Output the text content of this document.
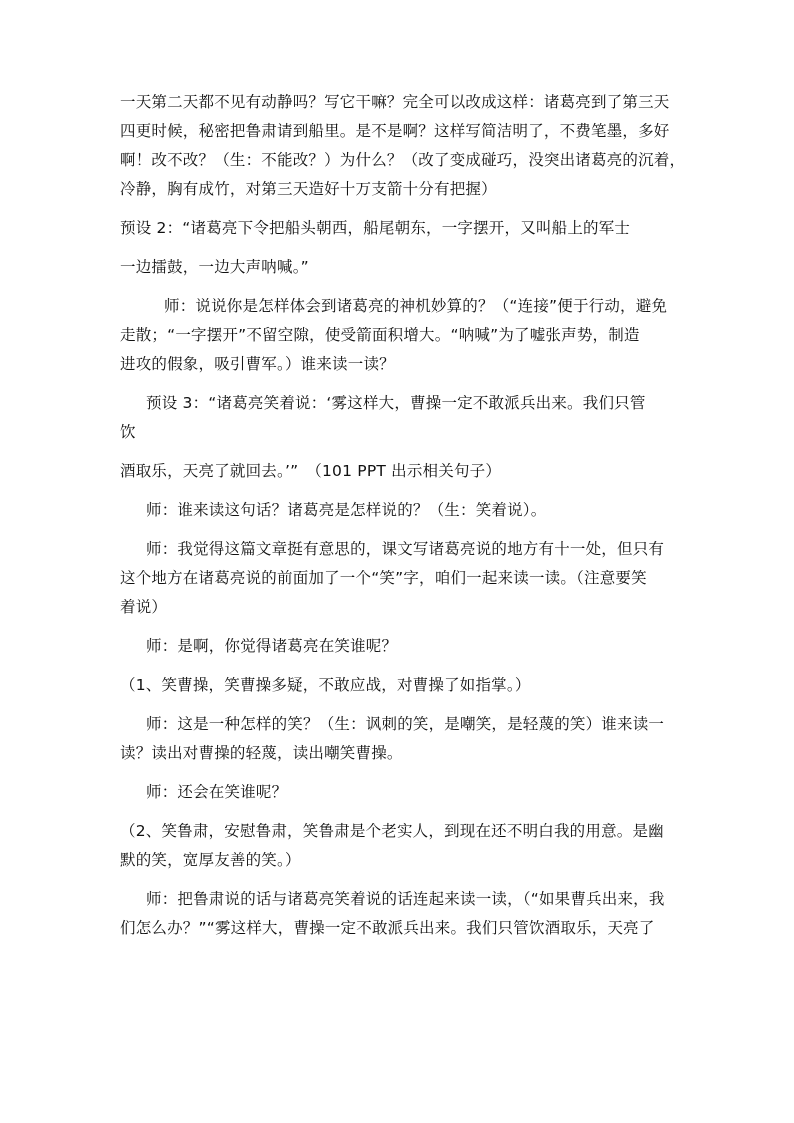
一天第二天都不见有动静吗？写它干嘛？完全可以改成这样：诸葛亮到了第三天
四更时候，秘密把鲁肃请到船里。是不是啊？这样写简洁明了，不费笔墨，多好
啊！改不改？（生：不能改？）为什么？（改了变成碰巧，没突出诸葛亮的沉着，
冷静，胸有成竹，对第三天造好十万支箭十分有把握）

预设 2：“诸葛亮下令把船头朝西，船尾朝东，一字摆开，又叫船上的军士

一边擂鼓，一边大声呐喊。”

师：说说你是怎样体会到诸葛亮的神机妙算的？（“连接”便于行动，避免
走散；“一字摆开”不留空隙，使受箭面积增大。“呐喊”为了嘘张声势，制造
进攻的假象，吸引曹军。）谁来读一读？

预设 3：“诸葛亮笑着说：‘雾这样大，曹操一定不敢派兵出来。我们只管
饮

酒取乐，天亮了就回去。’”　（101 PPT 出示相关句子）

师：谁来读这句话？诸葛亮是怎样说的？（生：笑着说）。

师：我觉得这篇文章挺有意思的，课文写诸葛亮说的地方有十一处，但只有
这个地方在诸葛亮说的前面加了一个“笑”字，咱们一起来读一读。（注意要笑
着说）

师：是啊，你觉得诸葛亮在笑谁呢？

（1、笑曹操，笑曹操多疑，不敢应战，对曹操了如指掌。）

师：这是一种怎样的笑？（生：讽刺的笑，是嘲笑，是轻蔑的笑）谁来读一
读？读出对曹操的轻蔑，读出嘲笑曹操。

师：还会在笑谁呢？

（2、笑鲁肃，安慰鲁肃，笑鲁肃是个老实人，到现在还不明白我的用意。是幽
默的笑，宽厚友善的笑。）

师：把鲁肃说的话与诸葛亮笑着说的话连起来读一读，（“如果曹兵出来，我
们怎么办？”“雾这样大，曹操一定不敢派兵出来。我们只管饮酒取乐，天亮了
